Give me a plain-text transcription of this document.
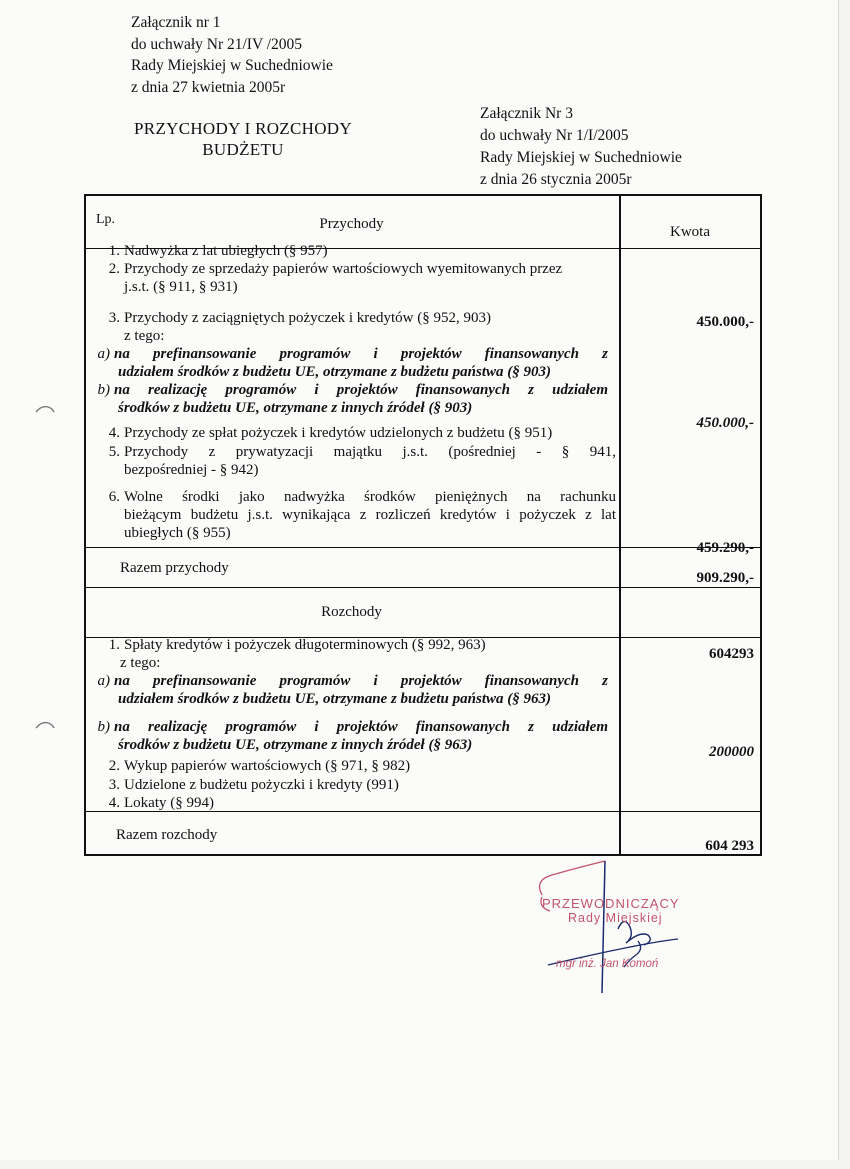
Załącznik nr 1
do uchwały Nr 21/IV /2005
Rady Miejskiej w Suchedniowie
z dnia 27 kwietnia 2005r
Załącznik Nr 3
do uchwały Nr 1/I/2005
Rady Miejskiej w Suchedniowie
z dnia 26 stycznia 2005r
PRZYCHODY I ROZCHODY
BUDŻETU
Lp.	Przychody	Kwota
1. Nadwyżka z lat ubiegłych (§ 957)
2. Przychody ze sprzedaży papierów wartościowych wyemitowanych przez
j.s.t. (§ 911, § 931)
3. Przychody z zaciągniętych pożyczek i kredytów (§ 952, 903)
z tego:
a) na prefinansowanie programów i projektów finansowanych z
udziałem środków z budżetu UE, otrzymane z budżetu państwa (§ 903)
b) na realizację programów i projektów finansowanych z udziałem
środków z budżetu UE, otrzymane z innych źródeł (§ 903)
4. Przychody ze spłat pożyczek i kredytów udzielonych z budżetu (§ 951)
5. Przychody z prywatyzacji majątku j.s.t. (pośredniej - § 941,
bezpośredniej - § 942)
6. Wolne środki jako nadwyżka środków pieniężnych na rachunku
bieżącym budżetu j.s.t. wynikająca z rozliczeń kredytów i pożyczek z lat
ubiegłych (§ 955)
450.000,-
450.000,-
459.290,-
Razem przychody
909.290,-
Rozchody
1. Spłaty kredytów i pożyczek długoterminowych (§ 992, 963)
z tego:
a) na prefinansowanie programów i projektów finansowanych z
udziałem środków z budżetu UE, otrzymane z budżetu państwa (§ 963)
b) na realizację programów i projektów finansowanych z udziałem
środków z budżetu UE, otrzymane z innych źródeł (§ 963)
2. Wykup papierów wartościowych (§ 971, § 982)
3. Udzielone z budżetu pożyczki i kredyty (991)
4. Lokaty (§ 994)
604293
200000
Razem rozchody
604 293
PRZEWODNICZĄCY
Rady Miejskiej
mgr inż. Jan Komoń
